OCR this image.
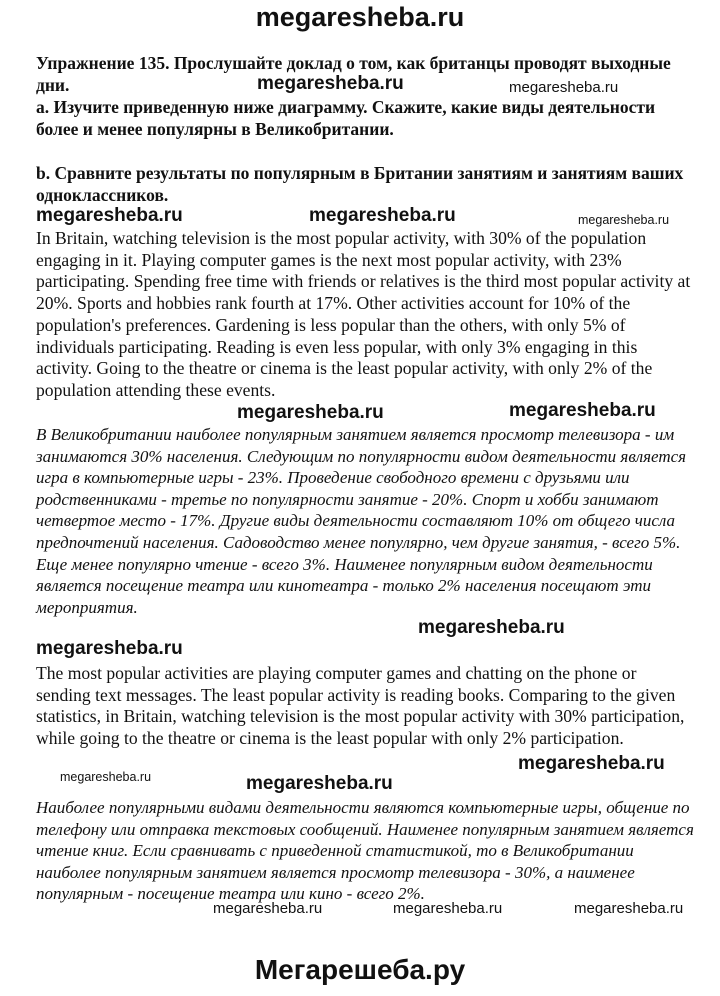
megaresheba.ru
Упражнение 135. Прослушайте доклад о том, как британцы проводят выходные дни.
a. Изучите приведенную ниже диаграмму. Скажите, какие виды деятельности более и менее популярны в Великобритании.
b. Сравните результаты по популярным в Британии занятиям и занятиям ваших одноклассников.
In Britain, watching television is the most popular activity, with 30% of the population engaging in it. Playing computer games is the next most popular activity, with 23% participating. Spending free time with friends or relatives is the third most popular activity at 20%. Sports and hobbies rank fourth at 17%. Other activities account for 10% of the population's preferences. Gardening is less popular than the others, with only 5% of individuals participating. Reading is even less popular, with only 3% engaging in this activity. Going to the theatre or cinema is the least popular activity, with only 2% of the population attending these events.
В Великобритании наиболее популярным занятием является просмотр телевизора - им занимаются 30% населения. Следующим по популярности видом деятельности является игра в компьютерные игры - 23%. Проведение свободного времени с друзьями или родственниками - третье по популярности занятие - 20%. Спорт и хобби занимают четвертое место - 17%. Другие виды деятельности составляют 10% от общего числа предпочтений населения. Садоводство менее популярно, чем другие занятия, - всего 5%. Еще менее популярно чтение - всего 3%. Наименее популярным видом деятельности является посещение театра или кинотеатра - только 2% населения посещают эти мероприятия.
The most popular activities are playing computer games and chatting on the phone or sending text messages. The least popular activity is reading books. Comparing to the given statistics, in Britain, watching television is the most popular activity with 30% participation, while going to the theatre or cinema is the least popular with only 2% participation.
Наиболее популярными видами деятельности являются компьютерные игры, общение по телефону или отправка текстовых сообщений. Наименее популярным занятием является чтение книг. Если сравнивать с приведенной статистикой, то в Великобритании наиболее популярным занятием является просмотр телевизора - 30%, а наименее популярным - посещение театра или кино - всего 2%.
megaresheba.ru	megaresheba.ru
megaresheba.ru	megaresheba.ru	megaresheba.ru
megaresheba.ru	megaresheba.ru
megaresheba.ru
megaresheba.ru
megaresheba.ru
megaresheba.ru	megaresheba.ru
megaresheba.ru	megaresheba.ru	megaresheba.ru
megaresheba.ru	Мегарешеба.ру
